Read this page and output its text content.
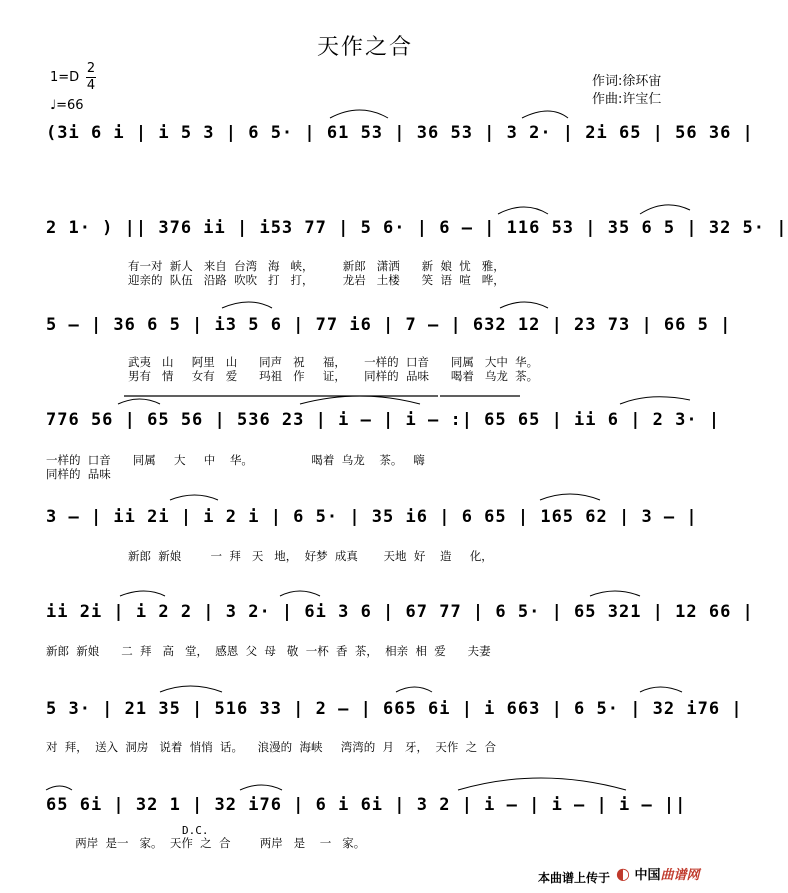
天作之合
1=D
2
4
♩=66
作词:徐环宙
作曲:许宝仁
(3i 6 i | i 5 3 | 6 5· | 61 53 | 36 53 | 3 2· | 2i 65 | 56 36 |
2 1· ) || 376 ii | i53 77 | 5 6· | 6 – | 116 53 | 35 6 5 | 32 5· |
有一对  新人   来自  台湾   海   峡，        新郎   潇洒      新  娘  忧   雅，
迎亲的  队伍   沿路  吹吹   打   打，        龙岩   土楼      笑  语  喧   哗，
5 – | 36 6 5 | i3 5 6 | 77 i6 | 7 – | 632 12 | 23 73 | 66 5 |
武夷   山     阿里   山      同声   祝     福，     一样的  口音      同属   大中  华。
男有   情     女有   爱      玛祖   作     证，     同样的  品味      喝着   乌龙  茶。
776 56 | 65 56 | 536 23 | i – | i – :| 65 65 | ii 6 | 2 3· |
一样的  口音      同属     大     中    华。                喝着  乌龙    茶。   嗨
同样的  品味
3 – | ii 2i | i 2 i | 6 5· | 35 i6 | 6 65 | 165 62 | 3 – |
新郎  新娘        一  拜   天   地，  好梦  成真       天地  好    造     化，
ii 2i | i 2 2 | 3 2· | 6i 3 6 | 67 77 | 6 5· | 65 321 | 12 66 |
新郎  新娘      二  拜   高   堂，  感恩  父  母   敬  一杯  香  茶，  相亲  相  爱      夫妻
5 3· | 21 35 | 516 33 | 2 – | 665 6i | i 663 | 6 5· | 32 i76 |
对  拜，  送入  洞房   说着  悄悄  话。    浪漫的  海峡     湾湾的  月   牙，  天作  之  合
65 6i | 32 1 | 32 i76 | 6 i 6i | 3 2 | i – | i – | i – ||
D.C.
两岸  是一   家。  天作  之  合        两岸   是    一   家。
本曲谱上传于 ◐ 中国曲谱网
